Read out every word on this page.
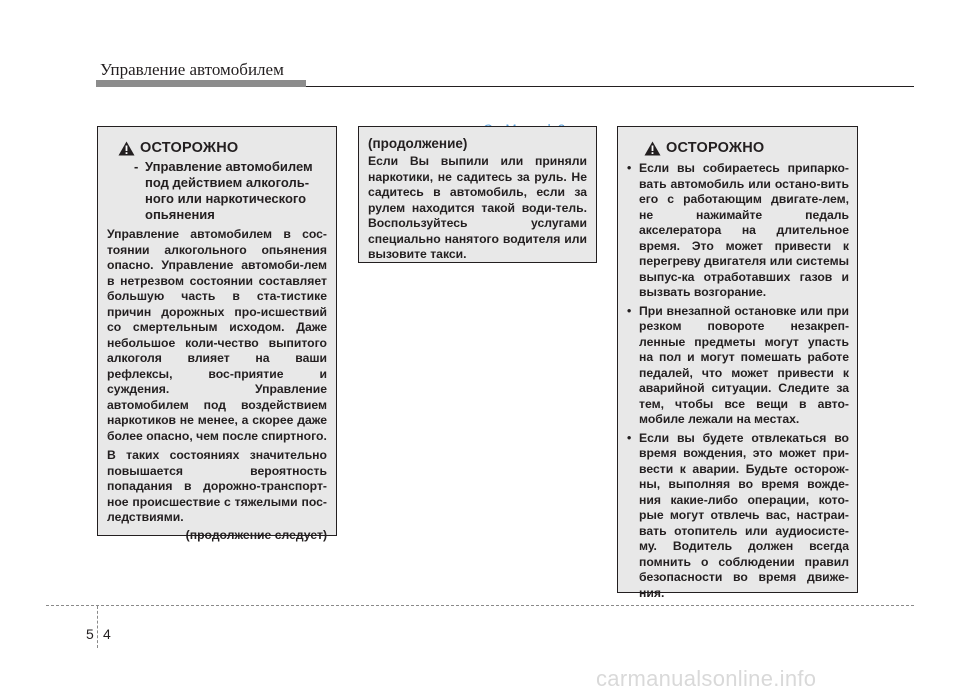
Управление автомобилем
ОСТОРОЖНО
- Управление автомобилем под действием алкоголь-ного или наркотического опьянения

Управление автомобилем в сос-тоянии алкогольного опьянения опасно. Управление автомоби-лем в нетрезвом состоянии составляет большую часть в ста-тистике причин дорожных про-исшествий со смертельным исходом. Даже небольшое коли-чество выпитого алкоголя влияет на ваши рефлексы, вос-приятие и суждения. Управление автомобилем под воздействием наркотиков не менее, а скорее даже более опасно, чем после спиртного.

В таких состояниях значительно повышается вероятность попадания в дорожно-транспорт-ное происшествие с тяжелыми пос-ледствиями.

(продолжение следует)

(продолжение)

Если Вы выпили или приняли наркотики, не садитесь за руль. Не садитесь в автомобиль, если за рулем находится такой води-тель. Воспользуйтесь услугами специально нанятого водителя или вызовите такси.

ОСТОРОЖНО
• Если вы собираетесь припарко-вать автомобиль или остано-вить его с работающим двигате-лем, не нажимайте педаль акселератора на длительное время. Это может привести к перегреву двигателя или системы выпус-ка отработавших газов и вызвать возгорание.
• При внезапной остановке или при резком повороте незакреп-ленные предметы могут упасть на пол и могут помешать работе педалей, что может привести к аварийной ситуации. Следите за тем, чтобы все вещи в авто-мобиле лежали на местах.
• Если вы будете отвлекаться во время вождения, это может при-вести к аварии. Будьте осторож-ны, выполняя во время вожде-ния какие-либо операции, кото-рые могут отвлечь вас, настраи-вать отопитель или аудиосисте-му. Водитель должен всегда помнить о соблюдении правил безопасности во время движе-ния.
5 4
carmanualsonline.info
